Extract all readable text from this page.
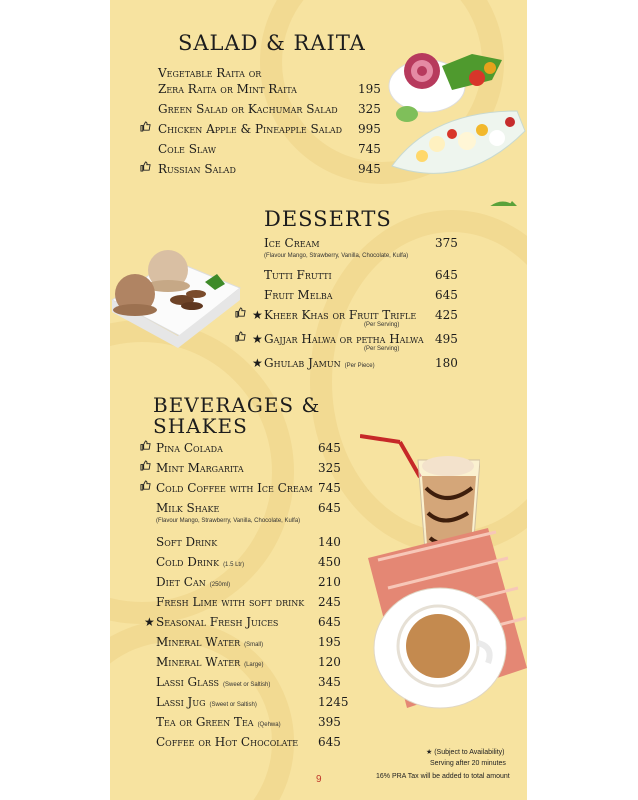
SALAD & RAITA
Vegetable Raita or
Zera Raita or Mint Raita	195
Green Salad or Kachumar Salad 325
Chicken Apple & Pineapple Salad 995
Cole Slaw	745
Russian Salad	945
DESSERTS
Ice Cream	375
(Flavour Mango, Strawberry, Vanilla, Chocolate, Kulfa)
Tutti Frutti	645
Fruit Melba	645
★ Kheer Khas or Fruit Trifle 425
(Per Serving)
★ Gajjar Halwa or petha Halwa 495
(Per Serving)
★ Ghulab Jamun (Per Piece)	180
BEVERAGES &
SHAKES
Pina Colada	645
Mint Margarita	325
Cold Coffee with Ice Cream 745
Milk Shake	645
(Flavour Mango, Strawberry, Vanilla, Chocolate, Kulfa)
Soft Drink	140
Cold Drink (1.5 Ltr)	450
Diet Can (250ml)	210
Fresh Lime with soft drink 245
★ Seasonal Fresh Juices	645
Mineral Water (Small)	195
Mineral Water (Large)	120
Lassi Glass (Sweet or Saltish)	345
Lassi Jug (Sweet or Saltish)	1245
Tea or Green Tea (Qehwa)	395
Coffee or Hot Chocolate 645
★ (Subject to Availability)
Serving after 20 minutes
16% PRA Tax will be added to total amount
9
